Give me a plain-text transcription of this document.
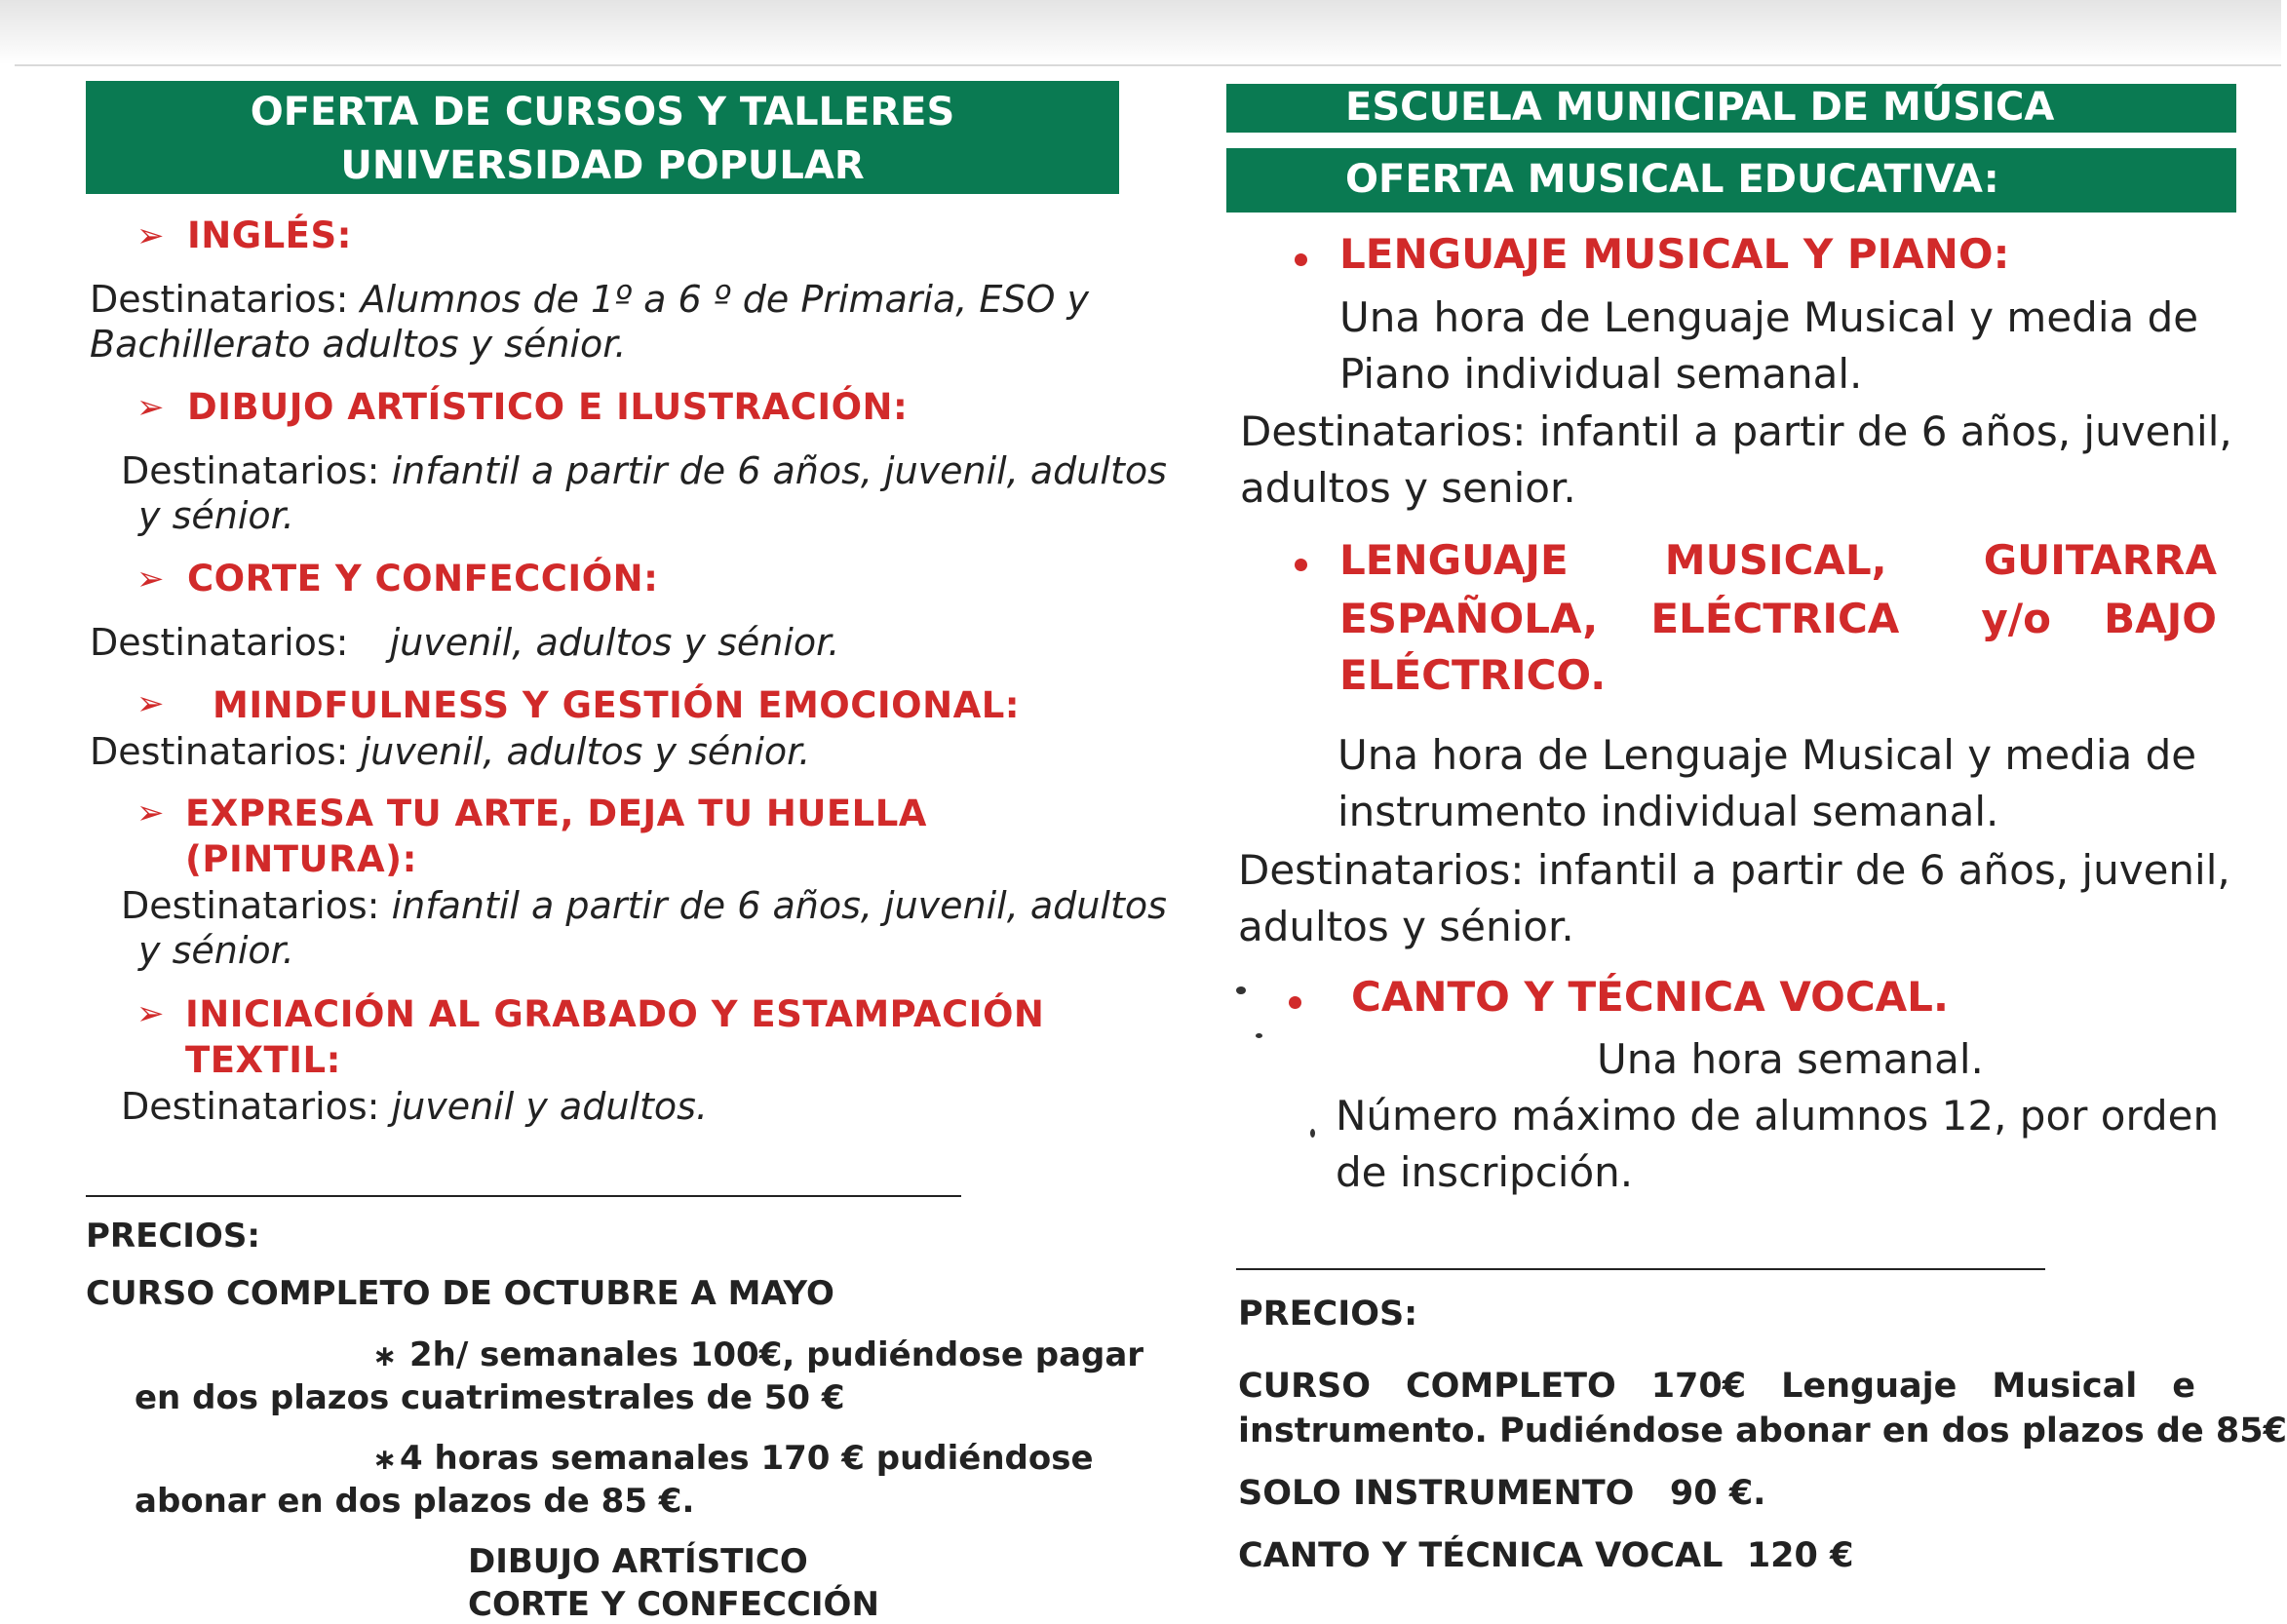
OFERTA DE CURSOS Y TALLERES
UNIVERSIDAD POPULAR
➢ INGLÉS:
Destinatarios: Alumnos de 1º a 6 º de Primaria, ESO y
Bachillerato adultos y sénior.
➢ DIBUJO ARTÍSTICO E ILUSTRACIÓN:
Destinatarios: infantil a partir de 6 años, juvenil, adultos
y sénior.
➢ CORTE Y CONFECCIÓN:
Destinatarios: juvenil, adultos y sénior.
➢ MINDFULNESS Y GESTIÓN EMOCIONAL:
Destinatarios: juvenil, adultos y sénior.
➢ EXPRESA TU ARTE, DEJA TU HUELLA
(PINTURA):
Destinatarios: infantil a partir de 6 años, juvenil, adultos
y sénior.
➢ INICIACIÓN AL GRABADO Y ESTAMPACIÓN
TEXTIL:
Destinatarios: juvenil y adultos.
PRECIOS:
CURSO COMPLETO DE OCTUBRE A MAYO
∗ 2h/ semanales 100€, pudiéndose pagar
en dos plazos cuatrimestrales de 50 €
∗ 4 horas semanales 170 € pudiéndose
abonar en dos plazos de 85 €.
DIBUJO ARTÍSTICO
CORTE Y CONFECCIÓN
ESCUELA MUNICIPAL DE MÚSICA
OFERTA MUSICAL EDUCATIVA:
LENGUAJE MUSICAL Y PIANO:
Una hora de Lenguaje Musical y media de
Piano individual semanal.
Destinatarios: infantil a partir de 6 años, juvenil,
adultos y senior.
LENGUAJE MUSICAL, GUITARRA
ESPAÑOLA, ELÉCTRICA y/o BAJO
ELÉCTRICO.
Una hora de Lenguaje Musical y media de
instrumento individual semanal.
Destinatarios: infantil a partir de 6 años, juvenil,
adultos y sénior.
CANTO Y TÉCNICA VOCAL.
Una hora semanal.
Número máximo de alumnos 12, por orden
de inscripción.
PRECIOS:
CURSO COMPLETO 170€ Lenguaje Musical e
instrumento. Pudiéndose abonar en dos plazos de 85€
SOLO INSTRUMENTO   90 €.
CANTO Y TÉCNICA VOCAL  120 €
